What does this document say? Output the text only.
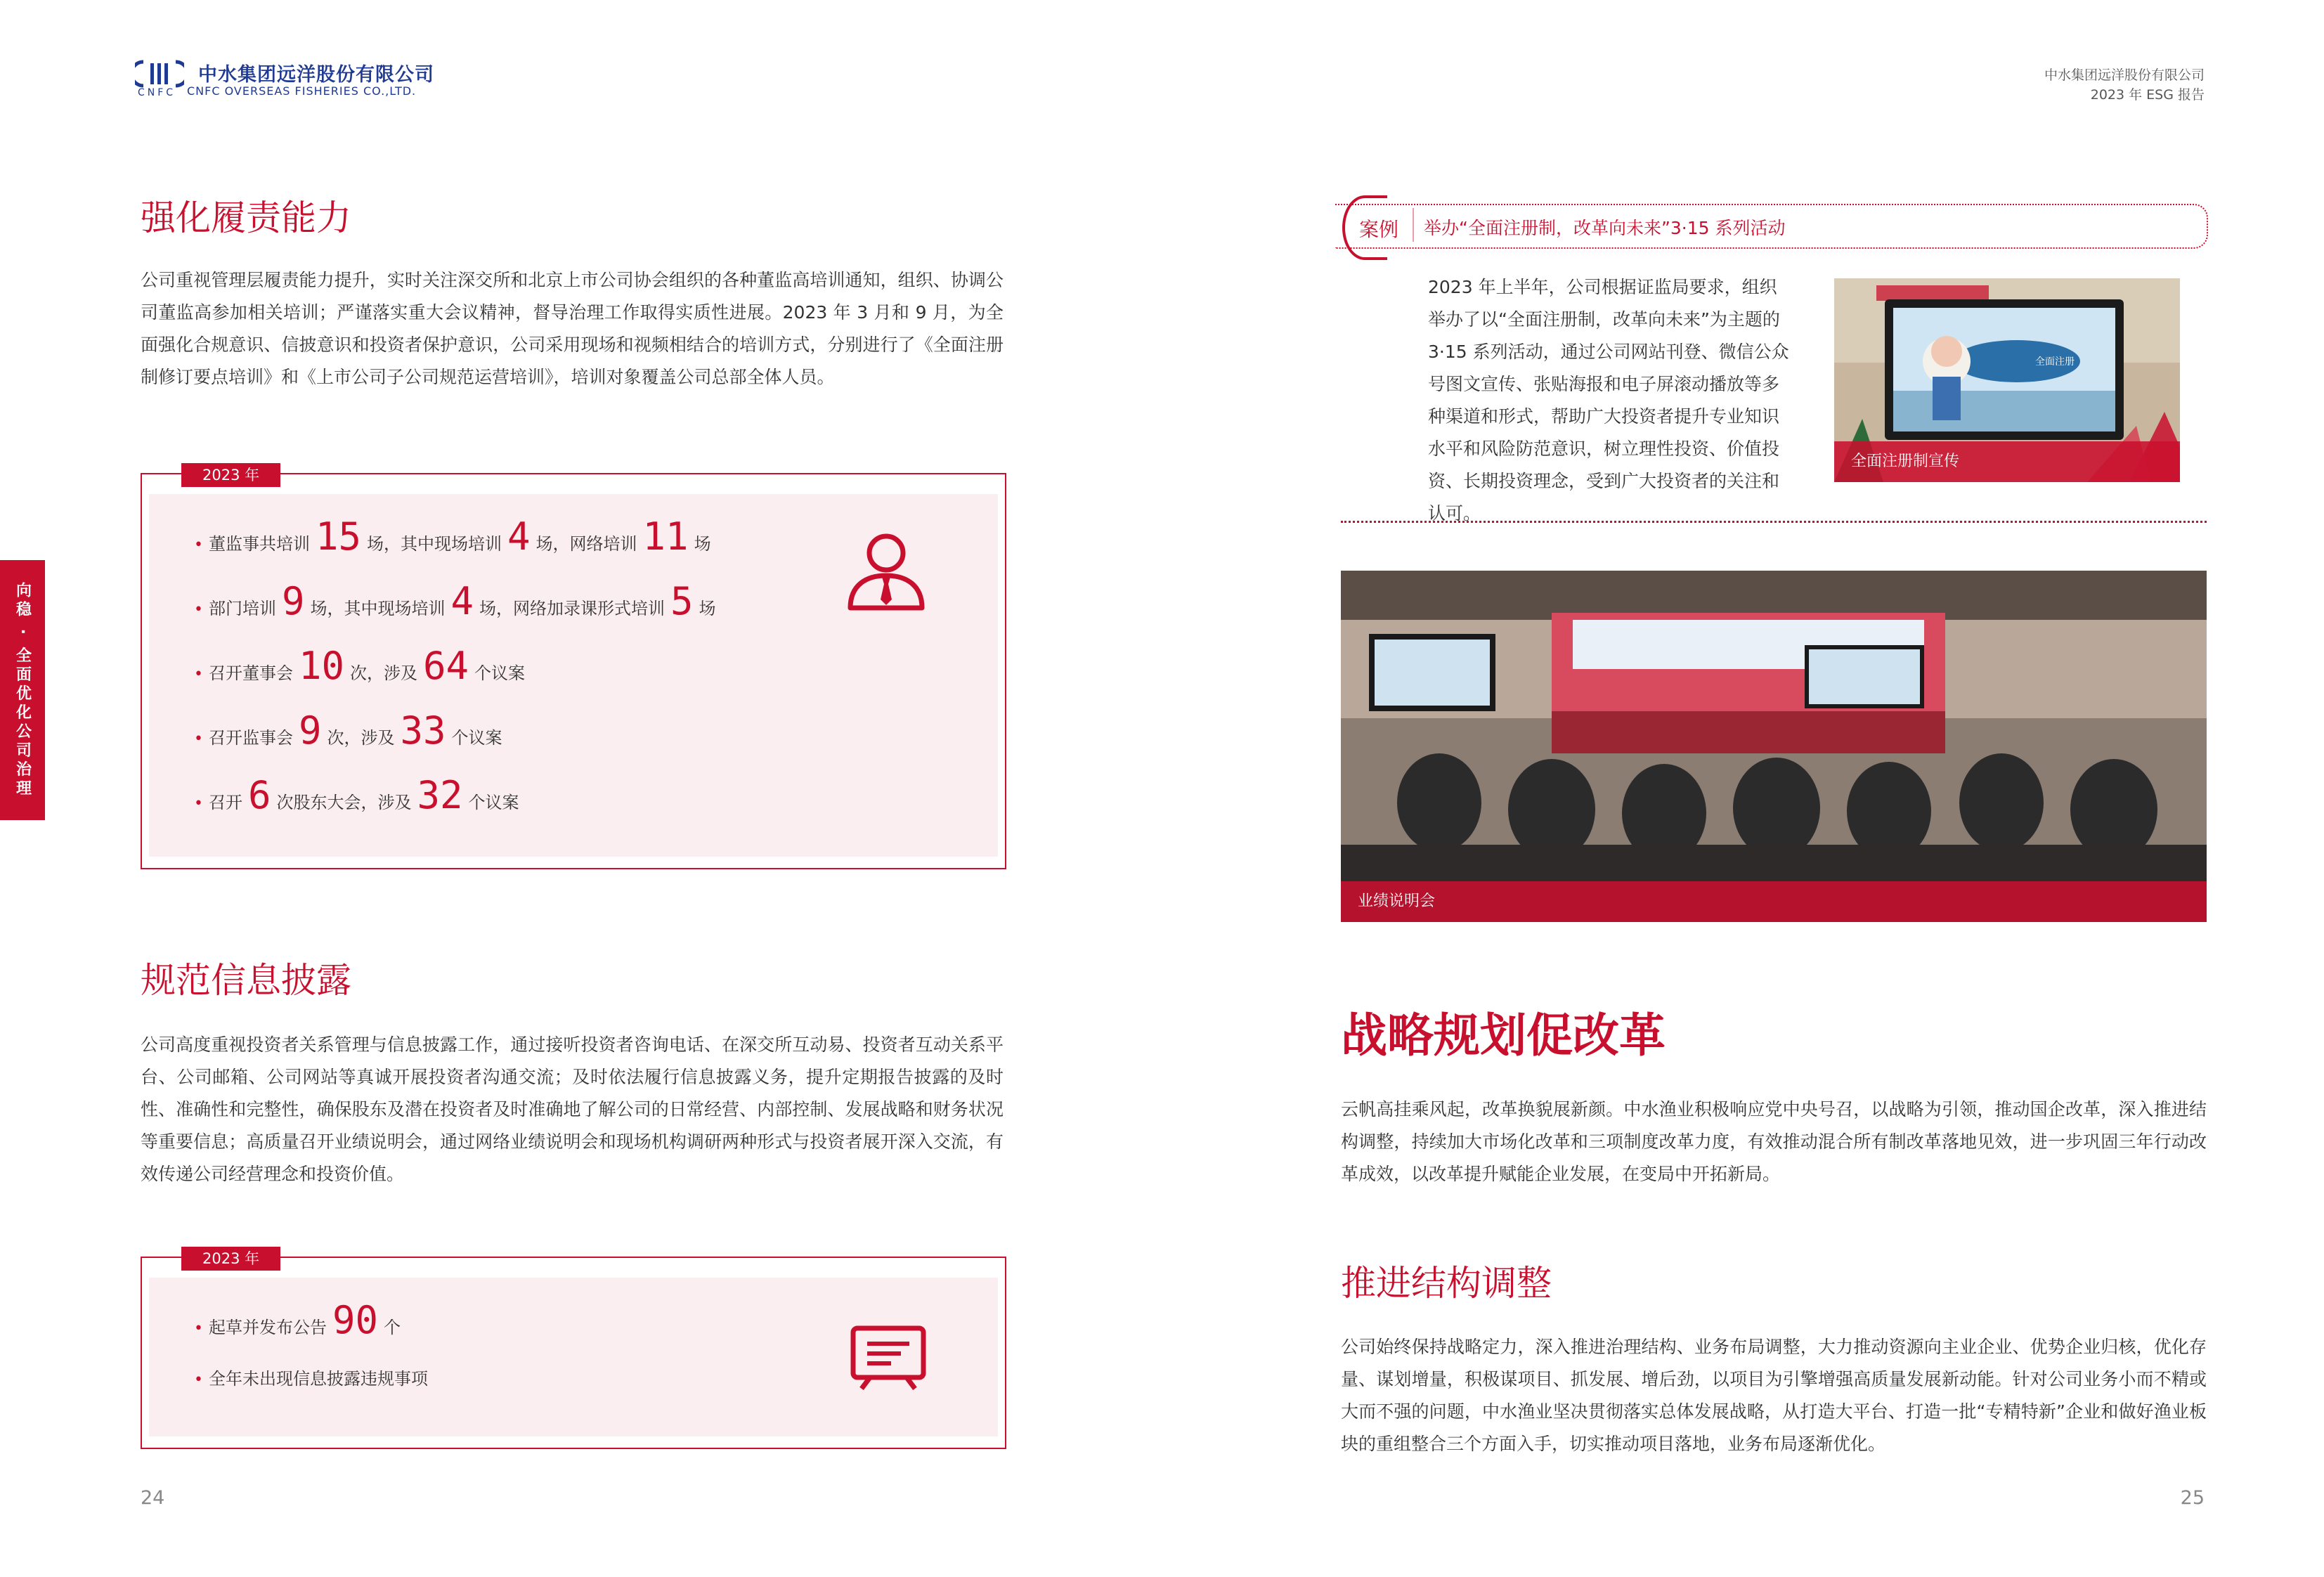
CNFC
中水集团远洋股份有限公司
CNFC OVERSEAS FISHERIES CO.,LTD.
中水集团远洋股份有限公司
2023 年 ESG 报告
向稳 · 全面优化公司治理
强化履责能力
公司重视管理层履责能力提升，实时关注深交所和北京上市公司协会组织的各种董监高培训通知，组织、协调公司董监高参加相关培训；严谨落实重大会议精神，督导治理工作取得实质性进展。2023 年 3 月和 9 月，为全面强化合规意识、信披意识和投资者保护意识，公司采用现场和视频相结合的培训方式，分别进行了《全面注册制修订要点培训》和《上市公司子公司规范运营培训》，培训对象覆盖公司总部全体人员。
2023 年
• 董监事共培训 15 场，其中现场培训 4 场，网络培训 11 场
• 部门培训 9 场，其中现场培训 4 场，网络加录课形式培训 5 场
• 召开董事会 10 次，涉及 64 个议案
• 召开监事会 9 次，涉及 33 个议案
• 召开 6 次股东大会，涉及 32 个议案
规范信息披露
公司高度重视投资者关系管理与信息披露工作，通过接听投资者咨询电话、在深交所互动易、投资者互动关系平台、公司邮箱、公司网站等真诚开展投资者沟通交流；及时依法履行信息披露义务，提升定期报告披露的及时性、准确性和完整性，确保股东及潜在投资者及时准确地了解公司的日常经营、内部控制、发展战略和财务状况等重要信息；高质量召开业绩说明会，通过网络业绩说明会和现场机构调研两种形式与投资者展开深入交流，有效传递公司经营理念和投资价值。
2023 年
• 起草并发布公告 90 个
• 全年未出现信息披露违规事项
24
案例 举办“全面注册制，改革向未来”3·15 系列活动
2023 年上半年，公司根据证监局要求，组织举办了以“全面注册制，改革向未来”为主题的 3·15 系列活动，通过公司网站刊登、微信公众号图文宣传、张贴海报和电子屏滚动播放等多种渠道和形式，帮助广大投资者提升专业知识水平和风险防范意识，树立理性投资、价值投资、长期投资理念，受到广大投资者的关注和认可。
全面注册
全面注册制宣传
业绩说明会
战略规划促改革
云帆高挂乘风起，改革换貌展新颜。中水渔业积极响应党中央号召，以战略为引领，推动国企改革，深入推进结构调整，持续加大市场化改革和三项制度改革力度，有效推动混合所有制改革落地见效，进一步巩固三年行动改革成效，以改革提升赋能企业发展，在变局中开拓新局。
推进结构调整
公司始终保持战略定力，深入推进治理结构、业务布局调整，大力推动资源向主业企业、优势企业归核，优化存量、谋划增量，积极谋项目、抓发展、增后劲，以项目为引擎增强高质量发展新动能。针对公司业务小而不精或大而不强的问题，中水渔业坚决贯彻落实总体发展战略，从打造大平台、打造一批“专精特新”企业和做好渔业板块的重组整合三个方面入手，切实推动项目落地，业务布局逐渐优化。
25
